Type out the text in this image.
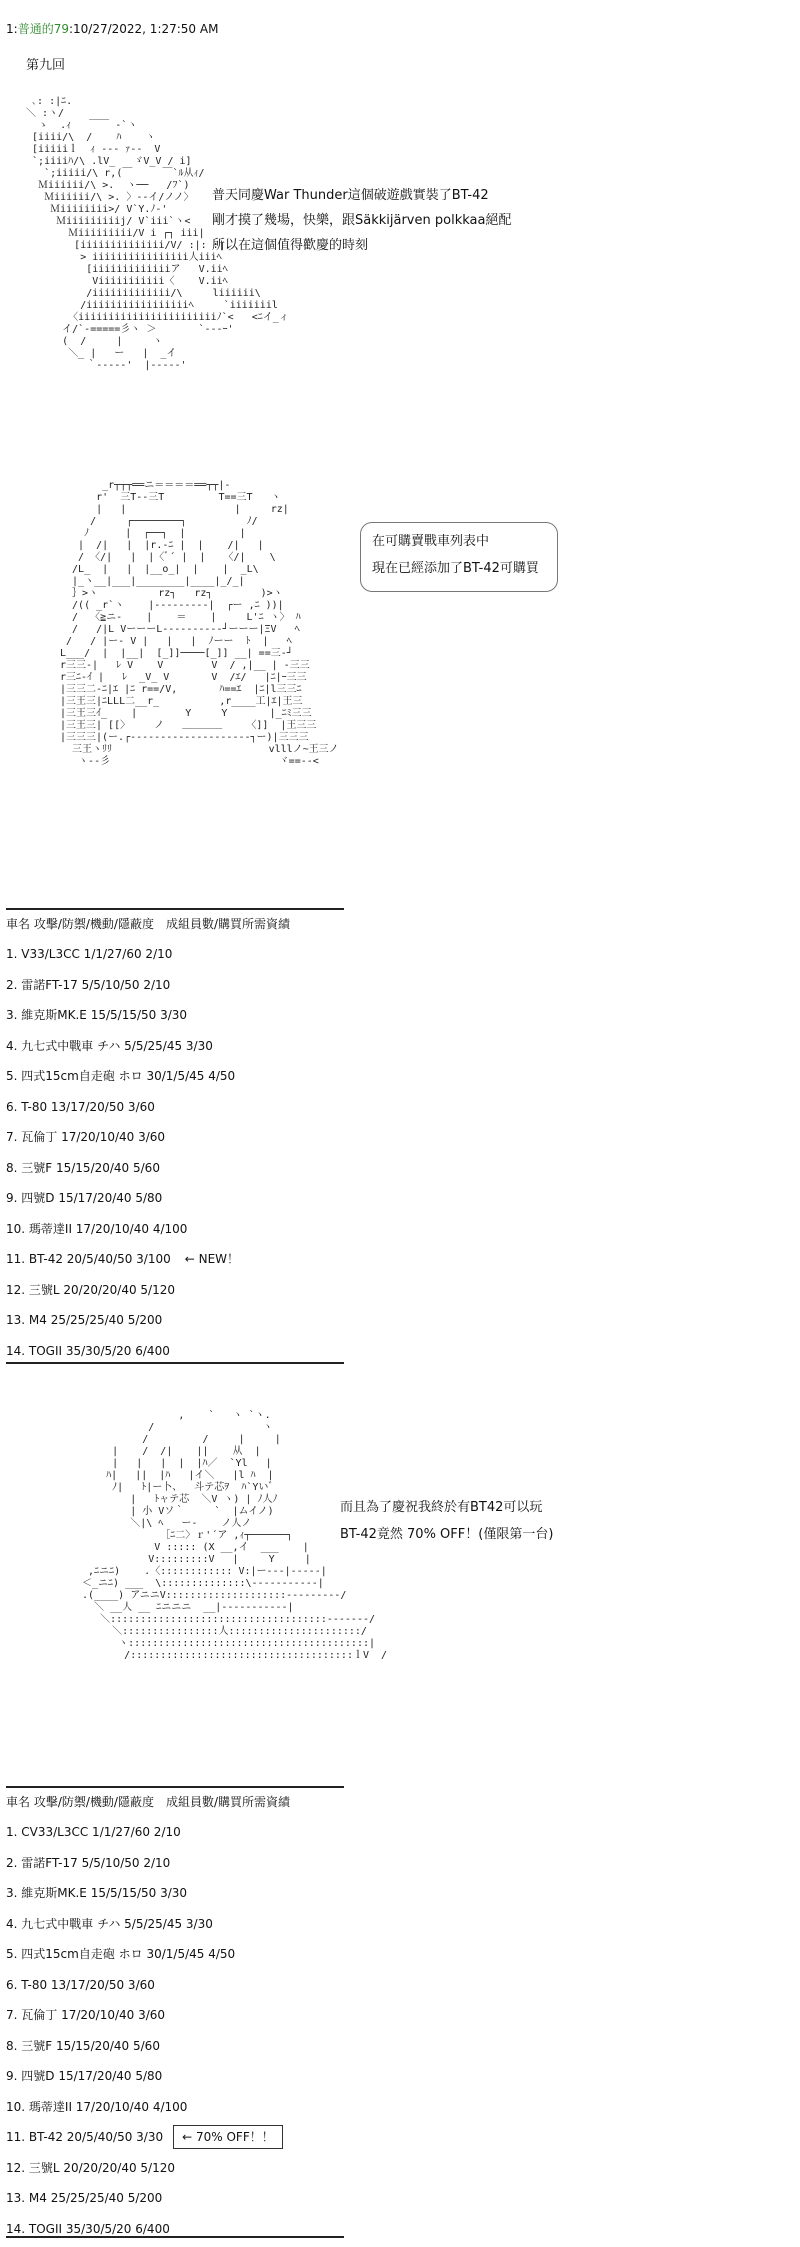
1:普通的79:10/27/2022, 1:27:50 AM
第九回
､: :|ﾆ.
＼ :ヽ/
ゝ  .ｨ   ￣￣ ‐`ヽ
[iiii/\  /    ﾊ    ヽ
[iiiiiｌ  ｨ ‐‐‐ ｧ‐‐  V
`;iiiiﾊ/\ .lV_   ゞV_V / i]
`;iiiii/\ r,(￣     ￣`ﾙ从ｨ/
Ｍiiiiii/\ >.  ヽ──   /ﾌ`)
Ｍiiiiii/\ >. 〉‐-イ/ノノ〉
Ｍiiiiiiii>/ V`Y.ﾉ‐'
Ｍiiiiiiiiij/ V`iii`ヽ<
Ｍiiiiiiiii/V i ┌┐ iii|
[iiiiiiiiiiiiii/V/ :|: :|.
> iiiiiiiiiiiiiiii人iiiﾍ
[iiiiiiiiiiiiiア   V.iiﾍ
Viiiiiiiiiii〈    V.iiﾍ
/iiiiiiiiiiiii/\     liiiiii\
/iiiiiiiiiiiiiiiiiﾍ     `iiiiiiil
〈iiiiiiiiiiiiiiiiiiiiiiiﾉ`<   <ﾆイ_ィ
イ/`‐=====彡ヽ ＞       `‐‐-ｰ'
(  /     |     ヽ
＼_ |   ー   |  _イ
｀‐‐‐‐‐'  |‐‐‐‐‐'
普天同慶War Thunder這個破遊戲實裝了BT-42
剛才摸了幾場，快樂，跟Säkkijärven polkkaa絕配
所以在這個值得歡慶的時刻
_r┬┬┬══ニ＝＝＝＝══┬┬|‐
r'  三T‐‐三T         T==三T   ヽ
|   |                  |     rz|
/     ┌────────┐          ﾉ/
ﾉ      |  ┌──┐  |         |
|  /|   |  |r.‐ﾆ |  |    /|   |
/ 〈/|   |  |〈ﾞ´ |  |   〈/|    \
/L_  |   |  |__o_|  |    |  _L\
|_ヽ__|___|________|____|_/_|
｝>ヽ          rz┐   rz┐        )>ヽ
/(( _r`ヽ    |‐‐‐‐‐‐‐‐‐|  ┌ー ,ﾆ ))|
/  〈≧ニ-    |    ＝    |     L'ﾆ ヽ〉 ﾊ
/   /|L VーーーL‐‐‐‐‐‐‐‐‐‐┘ーーー|ΞV   ﾍ
/   / |ー‐ V |   |   |  ﾉーー  ﾄ  |   ﾍ
L___/  |  |__|  [_]]────[_]] __| ==三-┘
r三三-|   ﾚ V    V        V  / ,|__ | ‐三三
r三ﾆ-ｲ |   ﾚ  _V_ V       V  /ｴ/   |ﾆ|ｰ三三
|三三二-ﾆ|ｴ |ﾆ r==/V,       ﾊ==ｴ  |ﾆ|l三三ﾆ
|三王三|ﾆLLL二__r_          ,r____工|ｴ|王三
|三王三ｲ_    |        Y     Y       |_ﾆﾐ三三
|三王三| [[〉    ノ   ＿＿＿＿    〈]]  |王三三
|三三三|(ー.┌‐‐‐‐‐‐‐‐‐‐‐‐‐‐‐‐‐‐‐‐┐ー)|三三三
三王ヽﾘﾘ                          vlllノ~王三ノ
ヽ--彡                            ヾ==--<
在可購賣戰車列表中
現在已經添加了BT-42可購買
車名 攻擊/防禦/機動/隱蔽度　成組員數/購買所需資績
1. V33/L3CC 1/1/27/60 2/10
2. 雷諾FT-17 5/5/10/50 2/10
3. 維克斯MK.E 15/5/15/50 3/30
4. 九七式中戰車 チハ 5/5/25/45 3/30
5. 四式15cm自走砲 ホロ 30/1/5/45 4/50
6. T-80 13/17/20/50 3/60
7. 瓦倫丁 17/20/10/40 3/60
8. 三號F 15/15/20/40 5/60
9. 四號D 15/17/20/40 5/80
10. 瑪蒂達II 17/20/10/40 4/100
11. BT-42 20/5/40/50 3/100 ← NEW！
12. 三號L 20/20/20/40 5/120
13. M4 25/25/25/40 5/200
14. TOGII 35/30/5/20 6/400
,    `   ヽ `ヽ.
/                  ヽ
/         /     |     |
|    /  /|    ||    从  |
|   |   |  |  |ﾊ／  `Yl   |
ﾊ|   ||  |ﾊ   |イ＼   |l ﾊ  |
ﾉ|   ﾄ|ー卜、  斗テ芯ｦ  ﾊ`Yいﾞ
|   ﾄャテ芯  ＼V ヽ) | ﾉ人ﾉ
| 小 Vソ｀     `  |ムイノ)
＼|\ ﾍ   ー‐    ノ人ノ
［ﾆ二〉ｒ'´ア ,ｨ┬──────┐
V ::::: (X __,イ  ___    |
V:::::::::V   |     Y     |
,ﾆニﾆ)    .〈:::::::::::: V:|ー‐‐‐|‐‐‐‐‐|
＜_ニﾆ) ___  \::::::::::::::\‐‐‐‐‐‐‐‐‐‐‐|
.(____) アニニV::::::::::::::::::::‐‐‐‐‐‐‐‐‐/
＼ __人 __ ﾆニニニ  __|‐‐‐‐‐‐‐‐‐‐‐|
＼::::::::::::::::::::::::::::::::::::‐‐‐‐‐‐‐/
＼::::::::::::::::人::::::::::::::::::::::/
ヽ::::::::::::::::::::::::::::::::::::::::|
/:::::::::::::::::::::::::::::::::::::ｌV  /
而且為了慶祝我終於有BT42可以玩
BT-42竟然 70% OFF！(僅限第一台)
車名 攻擊/防禦/機動/隱蔽度　成組員數/購買所需資績
1. CV33/L3CC 1/1/27/60 2/10
2. 雷諾FT-17 5/5/10/50 2/10
3. 維克斯MK.E 15/5/15/50 3/30
4. 九七式中戰車 チハ 5/5/25/45 3/30
5. 四式15cm自走砲 ホロ 30/1/5/45 4/50
6. T-80 13/17/20/50 3/60
7. 瓦倫丁 17/20/10/40 3/60
8. 三號F 15/15/20/40 5/60
9. 四號D 15/17/20/40 5/80
10. 瑪蒂達II 17/20/10/40 4/100
11. BT-42 20/5/40/50 3/30 ← 70% OFF！！
12. 三號L 20/20/20/40 5/120
13. M4 25/25/25/40 5/200
14. TOGII 35/30/5/20 6/400
